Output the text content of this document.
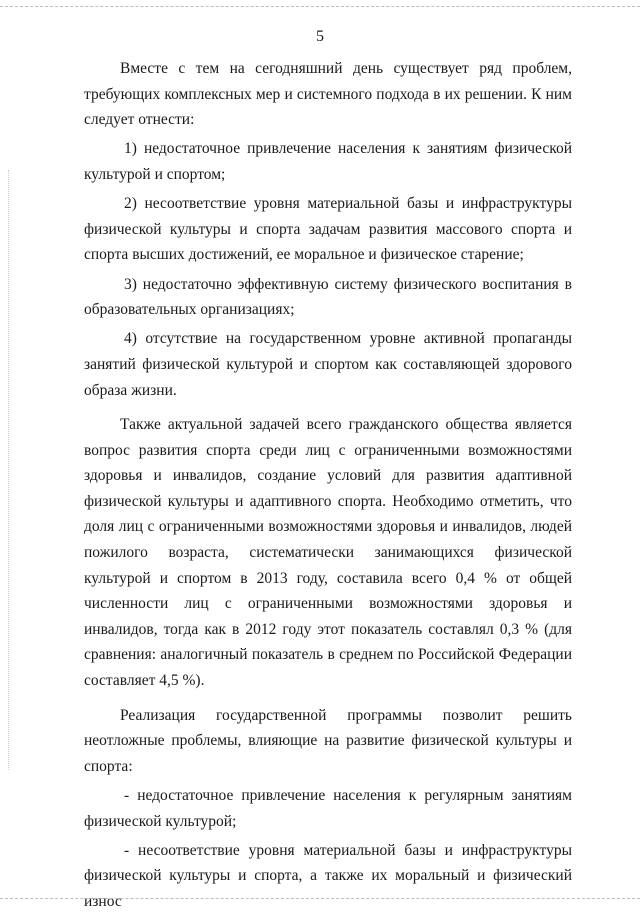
5

Вместе с тем на сегодняшний день существует ряд проблем, требующих комплексных мер и системного подхода в их решении. К ним следует отнести:

1) недостаточное привлечение населения к занятиям физической культурой и спортом;

2) несоответствие уровня материальной базы и инфраструктуры физической культуры и спорта задачам развития массового спорта и спорта высших достижений, ее моральное и физическое старение;

3) недостаточно эффективную систему физического воспитания в образовательных организациях;

4) отсутствие на государственном уровне активной пропаганды занятий физической культурой и спортом как составляющей здорового образа жизни.

Также актуальной задачей всего гражданского общества является вопрос развития спорта среди лиц с ограниченными возможностями здоровья и инвалидов, создание условий для развития адаптивной физической культуры и адаптивного спорта. Необходимо отметить, что доля лиц с ограниченными возможностями здоровья и инвалидов, людей пожилого возраста, систематически занимающихся физической культурой и спортом в 2013 году, составила всего 0,4 % от общей численности лиц с ограниченными возможностями здоровья и инвалидов, тогда как в 2012 году этот показатель составлял 0,3 % (для сравнения: аналогичный показатель в среднем по Российской Федерации составляет 4,5 %).

Реализация государственной программы позволит решить неотложные проблемы, влияющие на развитие физической культуры и спорта:

- недостаточное привлечение населения к регулярным занятиям физической культурой;

- несоответствие уровня материальной базы и инфраструктуры физической культуры и спорта, а также их моральный и физический износ
